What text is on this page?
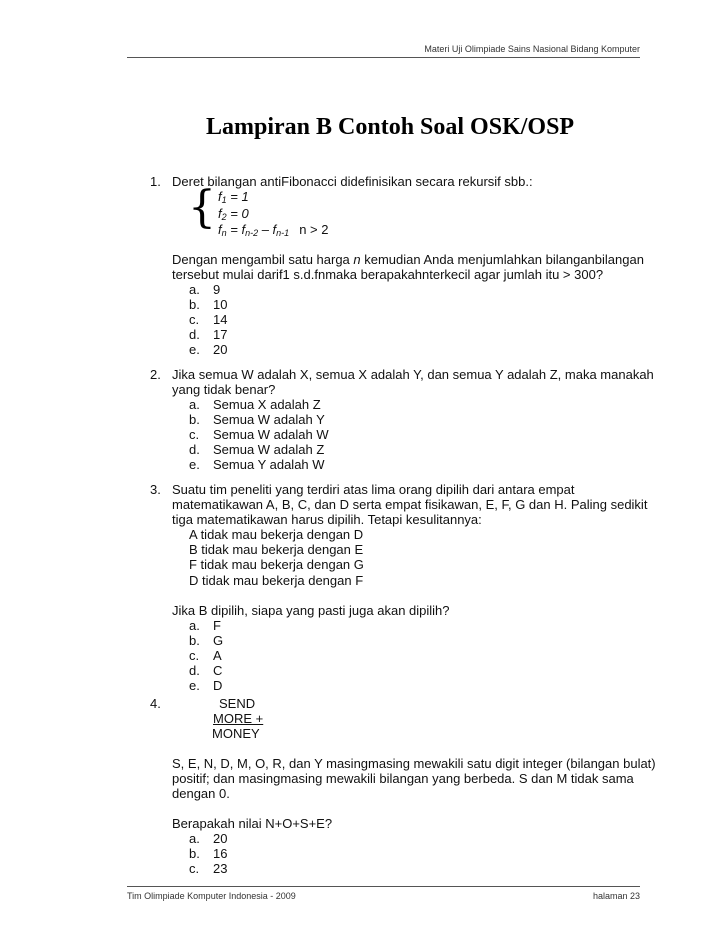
Materi Uji Olimpiade Sains Nasional Bidang Komputer
Lampiran B Contoh Soal OSK/OSP
1. Deret bilangan antiFibonacci didefinisikan secara rekursif sbb.:
{ $f_1 = 1$
$f_2 = 0$
$f_n = f_{n-2} - f_{n-1}$ n > 2
Dengan mengambil satu harga n kemudian Anda menjumlahkan bilanganbilangan
tersebut mulai darif1 s.d.fnmaka berapakahnterkecil agar jumlah itu > 300?
a. 9
b. 10
c. 14
d. 17
e. 20
2. Jika semua W adalah X, semua X adalah Y, dan semua Y adalah Z, maka manakah
yang tidak benar?
a. Semua X adalah Z
b. Semua W adalah Y
c. Semua W adalah W
d. Semua W adalah Z
e. Semua Y adalah W
3. Suatu tim peneliti yang terdiri atas lima orang dipilih dari antara empat
matematikawan A, B, C, dan D serta empat fisikawan, E, F, G dan H. Paling sedikit
tiga matematikawan harus dipilih. Tetapi kesulitannya:
A tidak mau bekerja dengan D
B tidak mau bekerja dengan E
F tidak mau bekerja dengan G
D tidak mau bekerja dengan F
Jika B dipilih, siapa yang pasti juga akan dipilih?
a. F
b. G
c. A
d. C
e. D
4.	SEND
MORE +
MONEY
S, E, N, D, M, O, R, dan Y masingmasing mewakili satu digit integer (bilangan bulat)
positif; dan masingmasing mewakili bilangan yang berbeda. S dan M tidak sama
dengan 0.
Berapakah nilai N+O+S+E?
a. 20
b. 16
c. 23
Tim Olimpiade Komputer Indonesia - 2009	halaman 23
